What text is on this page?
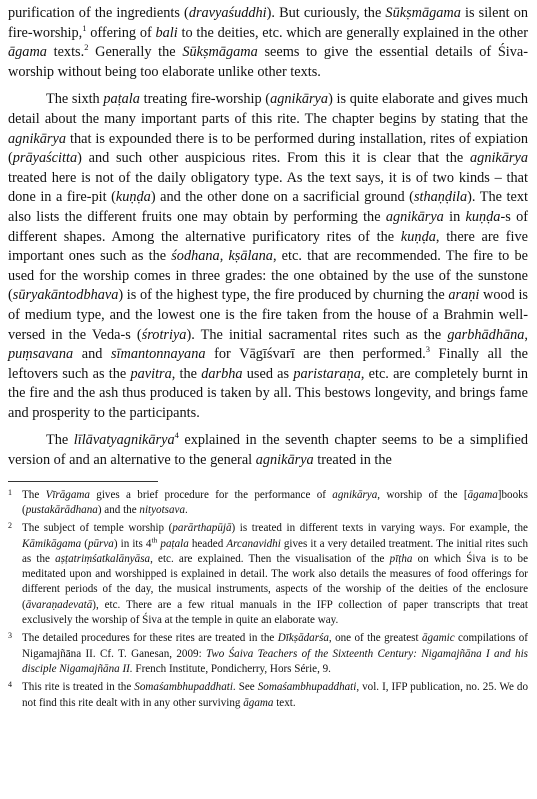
purification of the ingredients (dravyaśuddhi). But curiously, the Sūkṣmāgama is silent on fire-worship,$^1$ offering of bali to the deities, etc. which are generally explained in the other āgama texts.$^2$ Generally the Sūkṣmāgama seems to give the essential details of Śiva-worship without being too elaborate unlike other texts.

The sixth paṭala treating fire-worship (agnikārya) is quite elaborate and gives much detail about the many important parts of this rite. The chapter begins by stating that the agnikārya that is expounded there is to be performed during installation, rites of expiation (prāyaścitta) and such other auspicious rites. From this it is clear that the agnikārya treated here is not of the daily obligatory type. As the text says, it is of two kinds – that done in a fire-pit (kuṇḍa) and the other done on a sacrificial ground (sthaṇḍila). The text also lists the different fruits one may obtain by performing the agnikārya in kuṇḍa-s of different shapes. Among the alternative purificatory rites of the kuṇḍa, there are five important ones such as the śodhana, kṣālana, etc. that are recommended. The fire to be used for the worship comes in three grades: the one obtained by the use of the sunstone (sūryakāntodbhava) is of the highest type, the fire produced by churning the araṇi wood is of medium type, and the lowest one is the fire taken from the house of a Brahmin well-versed in the Veda-s (śrotriya). The initial sacramental rites such as the garbhādhāna, puṃsavana and sīmantonnayana for Vāgīśvarī are then performed.$^3$ Finally all the leftovers such as the pavitra, the darbha used as paristaraṇa, etc. are completely burnt in the fire and the ash thus produced is taken by all. This bestows longevity, and brings fame and prosperity to the participants.

The līlāvatyagnikārya$^4$ explained in the seventh chapter seems to be a simplified version of and an alternative to the general agnikārya treated in the

1 The Vīrāgama gives a brief procedure for the performance of agnikārya, worship of the [āgama]books (pustakārādhana) and the nityotsava.
2 The subject of temple worship (parārthapūjā) is treated in different texts in varying ways. For example, the Kāmikāgama (pūrva) in its 4th paṭala headed Arcanavidhi gives it a very detailed treatment. The initial rites such as the aṣṭatriṃśatkalānyāsa, etc. are explained. Then the visualisation of the pīṭha on which Śiva is to be meditated upon and worshipped is explained in detail. The work also details the measures of food offerings for different periods of the day, the musical instruments, aspects of the worship of the deities of the enclosure (āvaraṇadevatā), etc. There are a few ritual manuals in the IFP collection of paper transcripts that treat exclusively the worship of Śiva at the temple in quite an elaborate way.
3 The detailed procedures for these rites are treated in the Dīkṣādarśa, one of the greatest āgamic compilations of Nigamajñāna II. Cf. T. Ganesan, 2009: Two Śaiva Teachers of the Sixteenth Century: Nigamajñāna I and his disciple Nigamajñāna II. French Institute, Pondicherry, Hors Série, 9.
4 This rite is treated in the Somaśambhupaddhati. See Somaśambhupaddhati, vol. I, IFP publication, no. 25. We do not find this rite dealt with in any other surviving āgama text.
